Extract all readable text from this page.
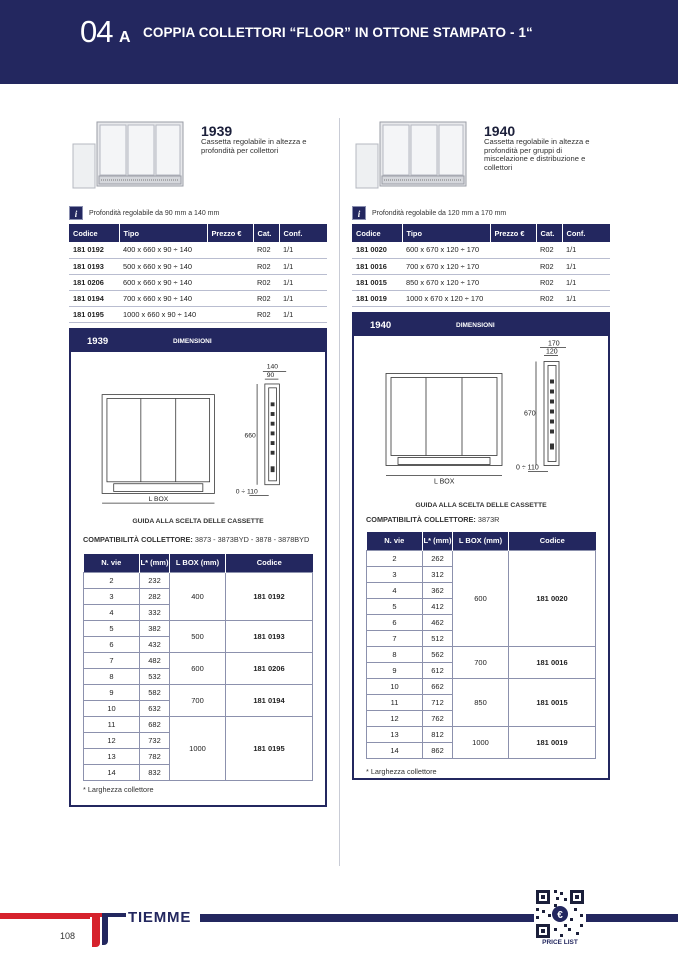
04 A COPPIA COLLETTORI “FLOOR” IN OTTONE STAMPATO - 1“
1939
Cassetta regolabile in altezza e profondità per collettori
i	Profondità regolabile da 90 mm a 140 mm
Codice	Tipo	Prezzo €	Cat.	Conf.
181 0192	400 x 660 x 90 ÷ 140		R02	1/1
181 0193	500 x 660 x 90 ÷ 140		R02	1/1
181 0206	600 x 660 x 90 ÷ 140		R02	1/1
181 0194	700 x 660 x 90 ÷ 140		R02	1/1
181 0195	1000 x 660 x 90 ÷ 140		R02	1/1
1939	DIMENSIONI
140
90
660
0 ÷ 110
L BOX
GUIDA ALLA SCELTA DELLE CASSETTE
COMPATIBILITÀ COLLETTORE: 3873 - 3873BYD - 3878 - 3878BYD
N. vie	L* (mm)	L BOX (mm)	Codice
2	232	400	181 0192
3	282		
4	332		
5	382	500	181 0193
6	432		
7	482	600	181 0206
8	532		
9	582	700	181 0194
10	632		
11	682	1000	181 0195
12	732		
13	782		
14	832		
* Larghezza collettore
1940
Cassetta regolabile in altezza e profondità per gruppi di miscelazione e distribuzione e collettori
i	Profondità regolabile da 120 mm a 170 mm
Codice	Tipo	Prezzo €	Cat.	Conf.
181 0020	600 x 670 x 120 ÷ 170		R02	1/1
181 0016	700 x 670 x 120 ÷ 170		R02	1/1
181 0015	850 x 670 x 120 ÷ 170		R02	1/1
181 0019	1000 x 670 x 120 ÷ 170		R02	1/1
1940	DIMENSIONI
170
120
670
0 ÷ 110
L BOX
GUIDA ALLA SCELTA DELLE CASSETTE
COMPATIBILITÀ COLLETTORE: 3873R
N. vie	L* (mm)	L BOX (mm)	Codice
2	262	600	181 0020
3	312		
4	362		
5	412		
6	462		
7	512		
8	562	700	181 0016
9	612		
10	662	850	181 0015
11	712		
12	762		
13	812	1000	181 0019
14	862		
* Larghezza collettore
TIEMME
108
€
PRICE LIST
